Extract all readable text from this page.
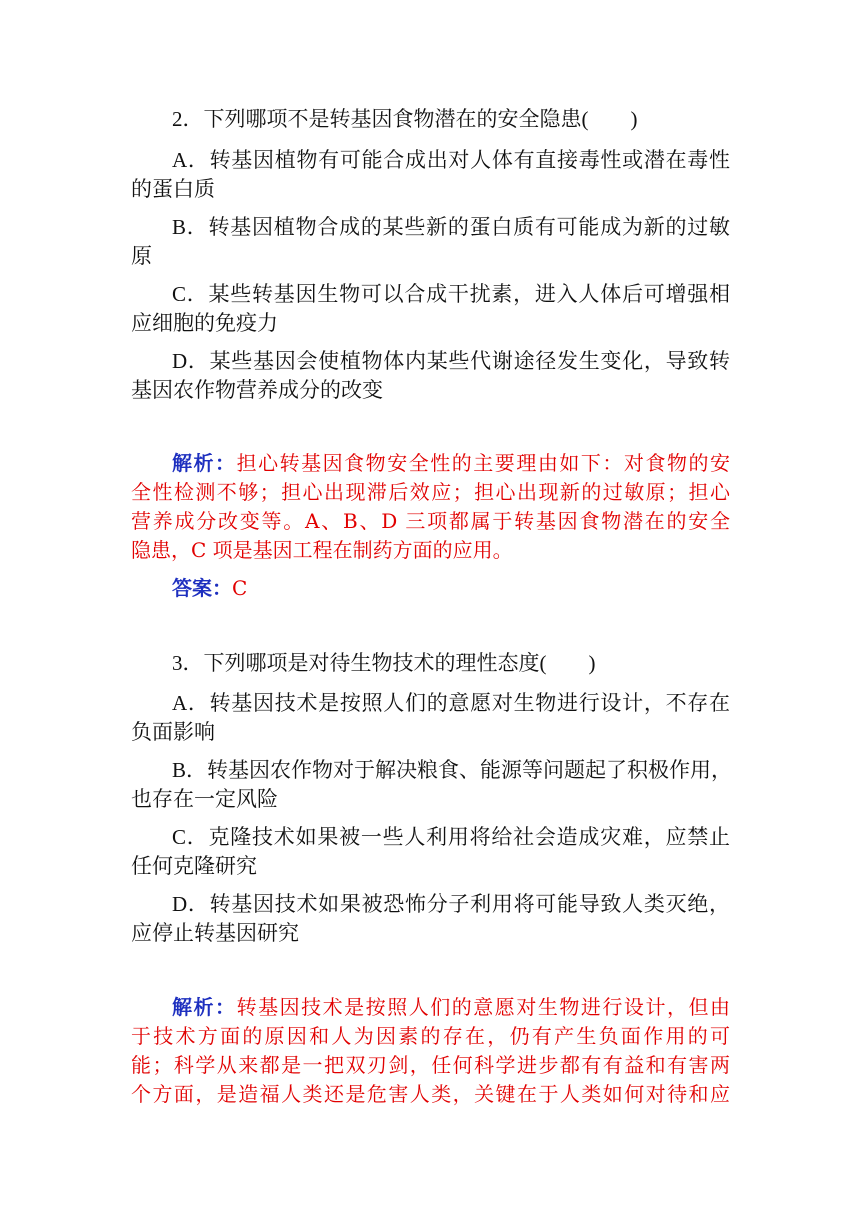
2．下列哪项不是转基因食物潜在的安全隐患(　　)
A．转基因植物有可能合成出对人体有直接毒性或潜在毒性
的蛋白质
B．转基因植物合成的某些新的蛋白质有可能成为新的过敏
原
C．某些转基因生物可以合成干扰素，进入人体后可增强相
应细胞的免疫力
D．某些基因会使植物体内某些代谢途径发生变化，导致转
基因农作物营养成分的改变
解析：担心转基因食物安全性的主要理由如下：对食物的安
全性检测不够；担心出现滞后效应；担心出现新的过敏原；担心
营养成分改变等。A、B、D 三项都属于转基因食物潜在的安全
隐患，C 项是基因工程在制药方面的应用。
答案：C
3．下列哪项是对待生物技术的理性态度(　　)
A．转基因技术是按照人们的意愿对生物进行设计，不存在
负面影响
B．转基因农作物对于解决粮食、能源等问题起了积极作用，
也存在一定风险
C．克隆技术如果被一些人利用将给社会造成灾难，应禁止
任何克隆研究
D．转基因技术如果被恐怖分子利用将可能导致人类灭绝，
应停止转基因研究
解析：转基因技术是按照人们的意愿对生物进行设计，但由
于技术方面的原因和人为因素的存在，仍有产生负面作用的可
能；科学从来都是一把双刃剑，任何科学进步都有有益和有害两
个方面，是造福人类还是危害人类，关键在于人类如何对待和应
